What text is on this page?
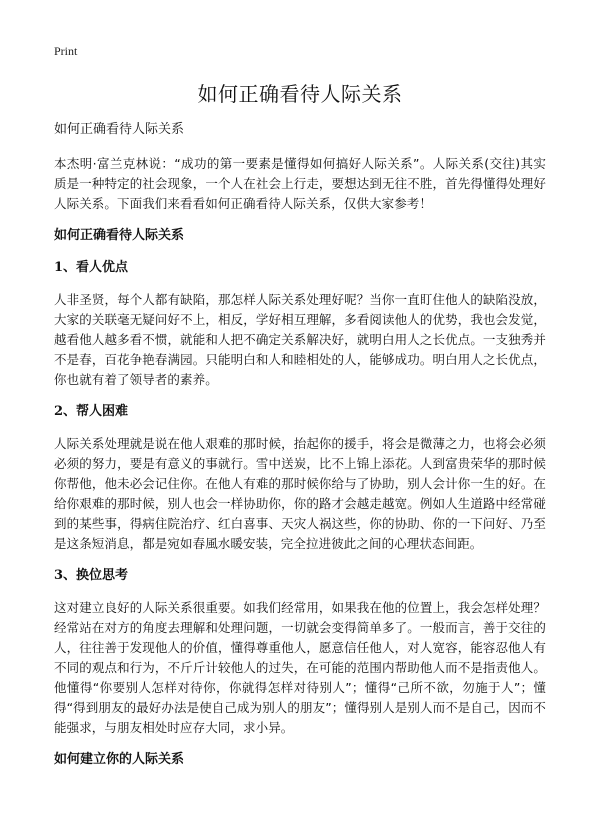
Print
如何正确看待人际关系
如何正确看待人际关系

本杰明·富兰克林说：“成功的第一要素是懂得如何搞好人际关系”。人际关系(交往)其实质是一种特定的社会现象，一个人在社会上行走，要想达到无往不胜，首先得懂得处理好人际关系。下面我们来看看如何正确看待人际关系，仅供大家参考！

如何正确看待人际关系
1、看人优点

人非圣贤，每个人都有缺陷，那怎样人际关系处理好呢？当你一直盯住他人的缺陷没放，大家的关联毫无疑问好不上，相反，学好相互理解，多看阅读他人的优势，我也会发觉，越看他人越多看不惯，就能和人把不确定关系解决好，就明白用人之长优点。一支独秀并不是春，百花争艳春满园。只能明白和人和睦相处的人，能够成功。明白用人之长优点，你也就有着了领导者的素养。

2、帮人困难

人际关系处理就是说在他人艰难的那时候，抬起你的援手，将会是微薄之力，也将会必须必须的努力，要是有意义的事就行。雪中送炭，比不上锦上添花。人到富贵荣华的那时候你帮他，他未必会记住你。在他人有难的那时候你给与了协助，别人会计你一生的好。在给你艰难的那时候，别人也会一样协助你，你的路才会越走越宽。例如人生道路中经常碰到的某些事，得病住院治疗、红白喜事、天灾人祸这些，你的协助、你的一下问好、乃至是这条短消息，都是宛如春風水暖安装，完全拉进彼此之间的心理状态间距。

3、换位思考

这对建立良好的人际关系很重要。如我们经常用，如果我在他的位置上，我会怎样处理？经常站在对方的角度去理解和处理问题，一切就会变得简单多了。一般而言，善于交往的人，往往善于发现他人的价值，懂得尊重他人，愿意信任他人，对人宽容，能容忍他人有不同的观点和行为，不斤斤计较他人的过失，在可能的范围内帮助他人而不是指责他人。他懂得“你要别人怎样对待你，你就得怎样对待别人”；懂得“己所不欲，勿施于人”；懂得“得到朋友的最好办法是使自己成为别人的朋友”；懂得别人是别人而不是自己，因而不能强求，与朋友相处时应存大同，求小异。

如何建立你的人际关系
